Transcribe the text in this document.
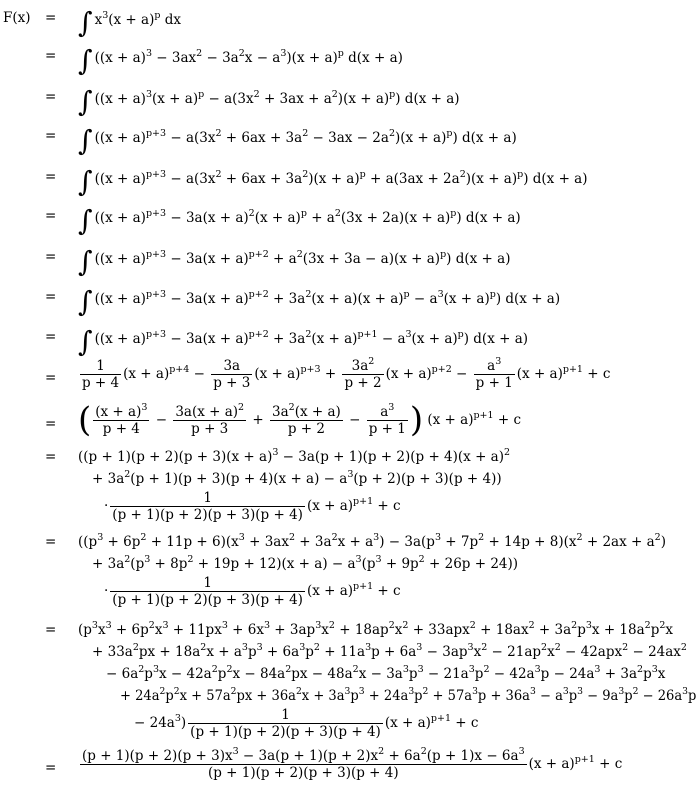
F(x) = ∫ $x^3(x + a)^p$ dx
= ∫ $((x + a)^3 - 3ax^2 - 3a^2x - a^3)(x + a)^p$ d(x + a)
= ∫ $((x + a)^3(x + a)^p - a(3x^2 + 3ax + a^2)(x + a)^p)$ d(x + a)
= ∫ $((x + a)^{p+3} - a(3x^2 + 6ax + 3a^2 - 3ax - 2a^2)(x + a)^p)$ d(x + a)
= ∫ $((x + a)^{p+3} - a(3x^2 + 6ax + 3a^2)(x + a)^p + a(3ax + 2a^2)(x + a)^p)$ d(x + a)
= ∫ $((x + a)^{p+3} - 3a(x + a)^2(x + a)^p + a^2(3x + 2a)(x + a)^p)$ d(x + a)
= ∫ $((x + a)^{p+3} - 3a(x + a)^{p+2} + a^2(3x + 3a - a)(x + a)^p)$ d(x + a)
= ∫ $((x + a)^{p+3} - 3a(x + a)^{p+2} + 3a^2(x + a)(x + a)^p - a^3(x + a)^p)$ d(x + a)
= ∫ $((x + a)^{p+3} - 3a(x + a)^{p+2} + 3a^2(x + a)^{p+1} - a^3(x + a)^p)$ d(x + a)
= $\frac{1}{p + 4} (x + a)^{p+4} - \frac{3a}{p + 3} (x + a)^{p+3} + \frac{3a^2}{p + 2} (x + a)^{p+2} - \frac{a^3}{p + 1} (x + a)^{p+1} + c$
= ( $\frac{(x + a)^3}{p + 4} - \frac{3a(x + a)^2}{p + 3} + \frac{3a^2(x + a)}{p + 2} - \frac{a^3}{p + 1}$ ) $(x + a)^{p+1} + c$
= ($(p + 1)(p + 2)(p + 3)(x + a)^3 - 3a(p + 1)(p + 2)(p + 4)(x + a)^2$
+ $3a^2(p + 1)(p + 3)(p + 4)(x + a) - a^3(p + 2)(p + 3)(p + 4)$)
· $\frac{1}{(p + 1)(p + 2)(p + 3)(p + 4)} (x + a)^{p+1} + c$
= ($(p^3 + 6p^2 + 11p + 6)(x^3 + 3ax^2 + 3a^2x + a^3) - 3a(p^3 + 7p^2 + 14p + 8)(x^2 + 2ax + a^2)$
+ $3a^2(p^3 + 8p^2 + 19p + 12)(x + a) - a^3(p^3 + 9p^2 + 26p + 24)$)
· $\frac{1}{(p + 1)(p + 2)(p + 3)(p + 4)} (x + a)^{p+1} + c$
= ($p^3x^3 + 6p^2x^3 + 11px^3 + 6x^3 + 3ap^3x^2 + 18ap^2x^2 + 33apx^2 + 18ax^2 + 3a^2p^3x + 18a^2p^2x$
+ $33a^2px + 18a^2x + a^3p^3 + 6a^3p^2 + 11a^3p + 6a^3 - 3ap^3x^2 - 21ap^2x^2 - 42apx^2 - 24ax^2$
− $6a^2p^3x - 42a^2p^2x - 84a^2px - 48a^2x - 3a^3p^3 - 21a^3p^2 - 42a^3p - 24a^3 + 3a^2p^3x$
+ $24a^2p^2x + 57a^2px + 36a^2x + 3a^3p^3 + 24a^3p^2 + 57a^3p + 36a^3 - a^3p^3 - 9a^3p^2 - 26a^3p$
− $24a^3) \frac{1}{(p + 1)(p + 2)(p + 3)(p + 4)} (x + a)^{p+1} + c$
=
$(p + 1)(p + 2)(p + 3)x^3 - 3a(p + 1)(p + 2)x^2 + 6a^2(p + 1)x - 6a^3$
(p + 1)(p + 2)(p + 3)(p + 4)
$(x + a)^{p+1} + c$
